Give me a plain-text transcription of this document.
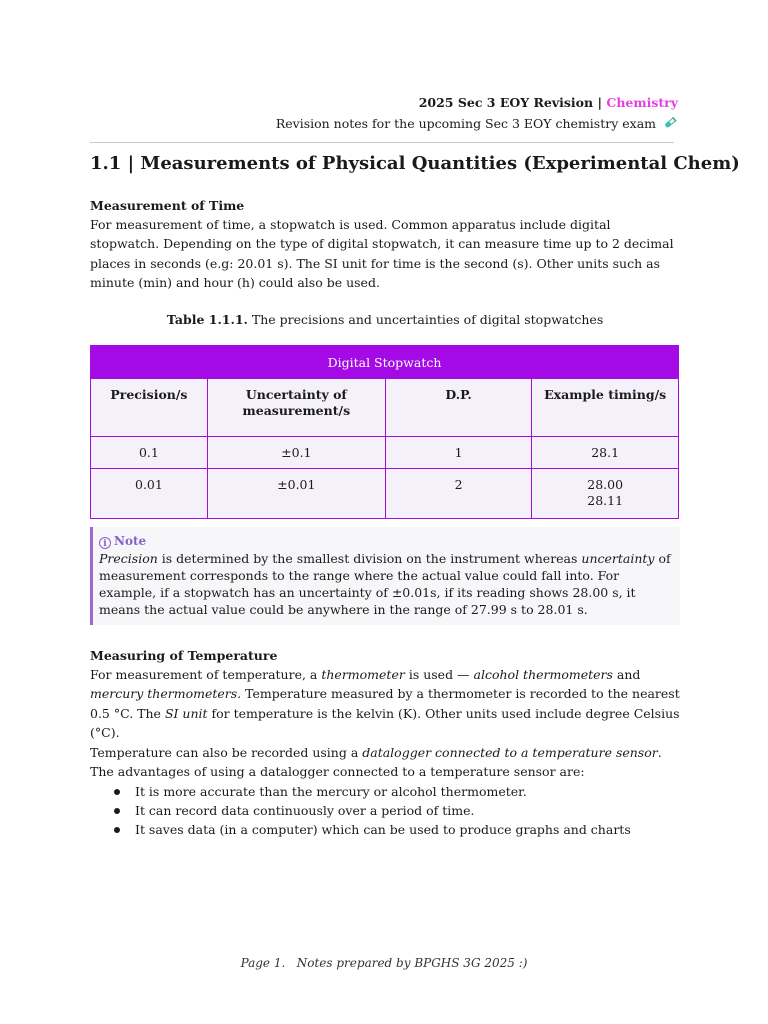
2025 Sec 3 EOY Revision | Chemistry
Revision notes for the upcoming Sec 3 EOY chemistry exam
1.1 | Measurements of Physical Quantities (Experimental Chem)
Measurement of Time
For measurement of time, a stopwatch is used. Common apparatus include digital stopwatch. Depending on the type of digital stopwatch, it can measure time up to 2 decimal places in seconds (e.g: 20.01 s). The SI unit for time is the second (s). Other units such as minute (min) and hour (h) could also be used.
Table 1.1.1. The precisions and uncertainties of digital stopwatches
Digital Stopwatch			
Precision/s	Uncertainty of measurement/s	D.P.	Example timing/s
0.1	±0.1	1	28.1
0.01	±0.01	2	28.00
28.11
i Note
Precision is determined by the smallest division on the instrument whereas uncertainty of measurement corresponds to the range where the actual value could fall into. For example, if a stopwatch has an uncertainty of ±0.01s, if its reading shows 28.00 s, it means the actual value could be anywhere in the range of 27.99 s to 28.01 s.
Measuring of Temperature
For measurement of temperature, a thermometer is used — alcohol thermometers and mercury thermometers. Temperature measured by a thermometer is recorded to the nearest 0.5 °C. The SI unit for temperature is the kelvin (K). Other units used include degree Celsius (°C).
Temperature can also be recorded using a datalogger connected to a temperature sensor. The advantages of using a datalogger connected to a temperature sensor are:
It is more accurate than the mercury or alcohol thermometer.
It can record data continuously over a period of time.
It saves data (in a computer) which can be used to produce graphs and charts
Page 1.   Notes prepared by BPGHS 3G 2025 :)
